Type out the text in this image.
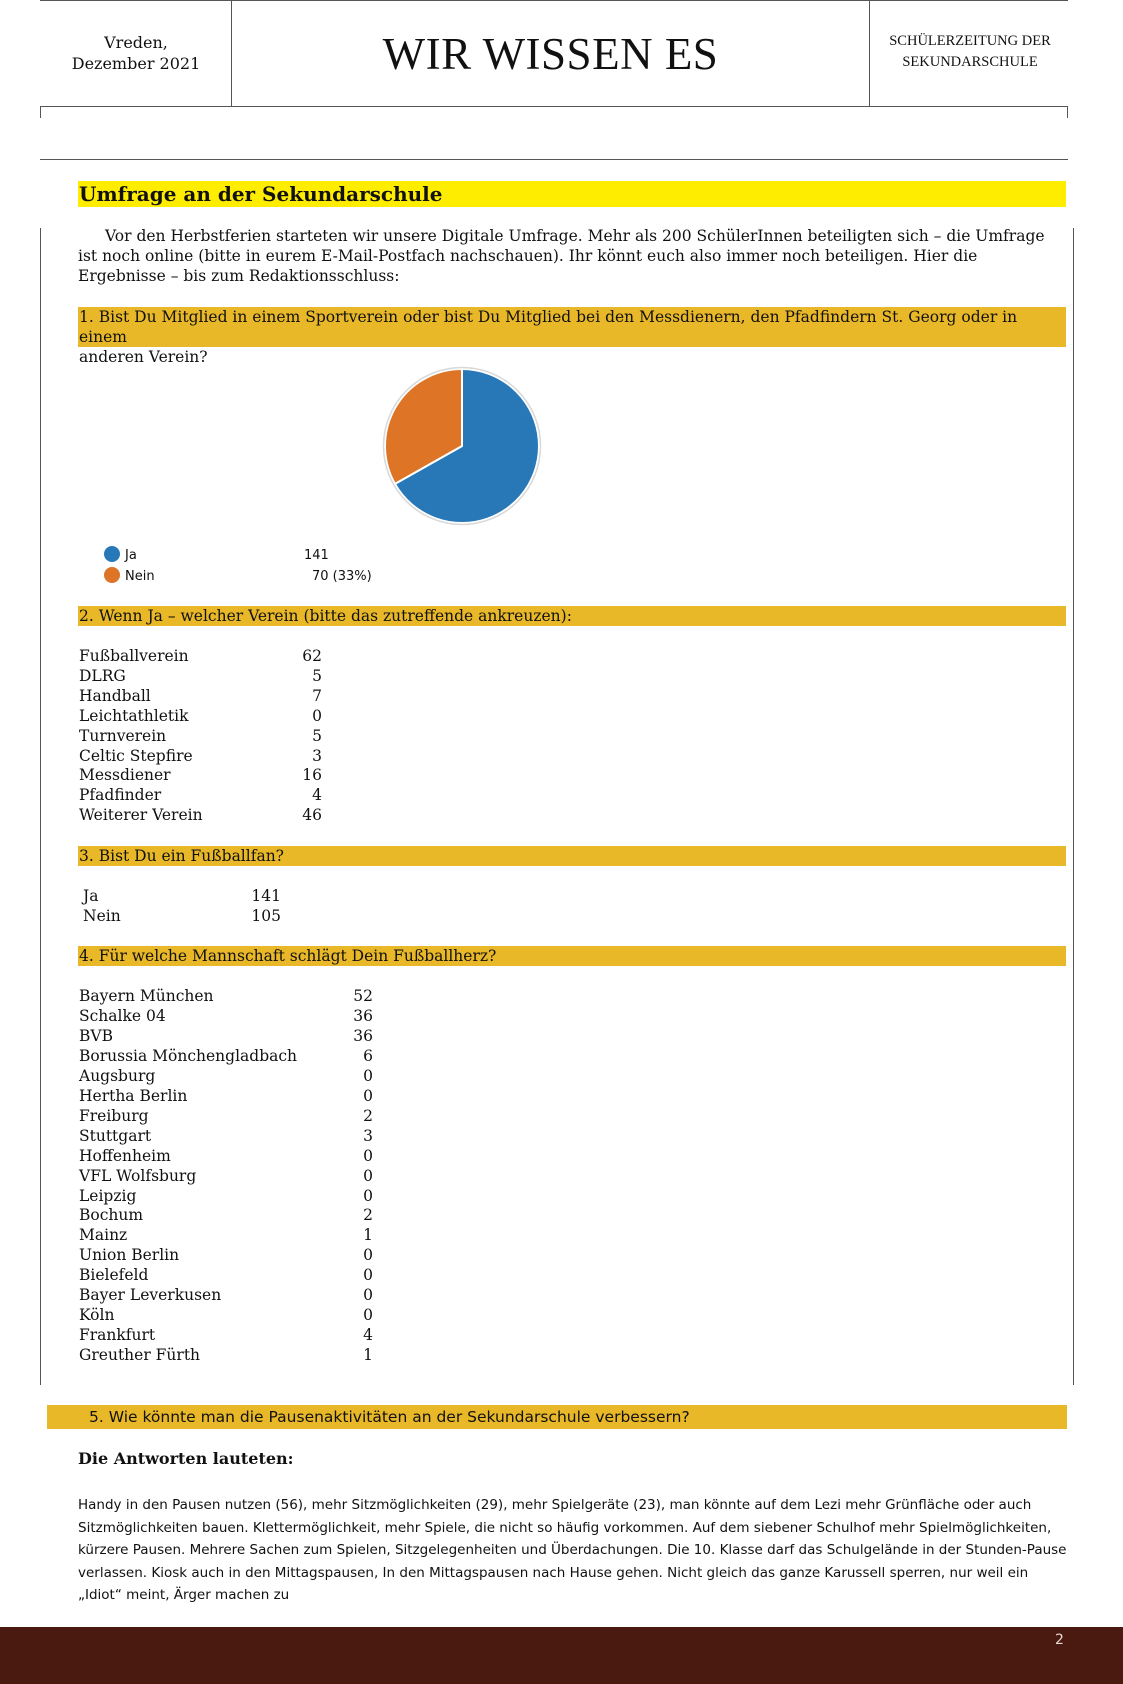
Vreden,
Dezember 2021	WIR WISSEN ES	SCHÜLERZEITUNG DER
SEKUNDARSCHULE
Umfrage an der Sekundarschule
Vor den Herbstferien starteten wir unsere Digitale Umfrage. Mehr als 200 SchülerInnen beteiligten sich – die Umfrage ist noch online (bitte in eurem E-Mail-Postfach nachschauen). Ihr könnt euch also immer noch beteiligen. Hier die Ergebnisse – bis zum Redaktionsschluss:
1. Bist Du Mitglied in einem Sportverein oder bist Du Mitglied bei den Messdienern, den Pfadfindern St. Georg oder in einem
anderen Verein?
Ja	141
Nein	70 (33%)
2. Wenn Ja – welcher Verein (bitte das zutreffende ankreuzen):
Fußballverein	62
DLRG	5
Handball	7
Leichtathletik	0
Turnverein	5
Celtic Stepfire	3
Messdiener	16
Pfadfinder	4
Weiterer Verein	46
3. Bist Du ein Fußballfan?
Ja	141
Nein	105
4. Für welche Mannschaft schlägt Dein Fußballherz?
Bayern München	52
Schalke 04	36
BVB	36
Borussia Mönchengladbach	6
Augsburg	0
Hertha Berlin	0
Freiburg	2
Stuttgart	3
Hoffenheim	0
VFL Wolfsburg	0
Leipzig	0
Bochum	2
Mainz	1
Union Berlin	0
Bielefeld	0
Bayer Leverkusen	0
Köln	0
Frankfurt	4
Greuther Fürth	1
5. Wie könnte man die Pausenaktivitäten an der Sekundarschule verbessern?
Die Antworten lauteten:
Handy in den Pausen nutzen (56), mehr Sitzmöglichkeiten (29), mehr Spielgeräte (23), man könnte auf dem Lezi mehr Grünfläche oder auch Sitzmöglichkeiten bauen. Klettermöglichkeit, mehr Spiele, die nicht so häufig vorkommen. Auf dem siebener Schulhof mehr Spielmöglichkeiten, kürzere Pausen. Mehrere Sachen zum Spielen, Sitzgelegenheiten und Überdachungen. Die 10. Klasse darf das Schulgelände in der Stunden-Pause verlassen. Kiosk auch in den Mittagspausen, In den Mittagspausen nach Hause gehen. Nicht gleich das ganze Karussell sperren, nur weil ein „Idiot“ meint, Ärger machen zu
2
